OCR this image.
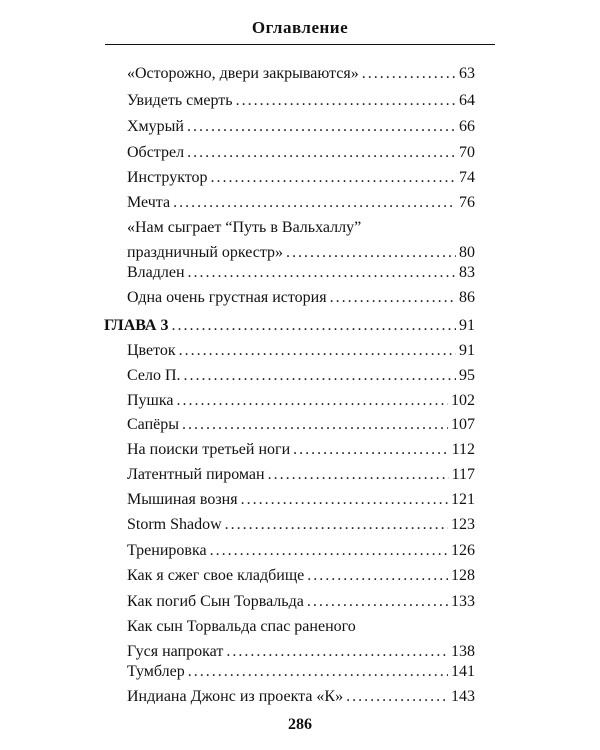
Оглавление
«Осторожно, двери закрываются» .....	63
Увидеть смерть .....	64
Хмурый .....	66
Обстрел .....	70
Инструктор .....	74
Мечта .....	76
«Нам сыграет “Путь в Вальхаллу”
праздничный оркестр» .....	80
Владлен .....	83
Одна очень грустная история .....	86
ГЛАВА 3 .....	91
Цветок .....	91
Село П. .....	95
Пушка .....	102
Сапёры .....	107
На поиски третьей ноги .....	112
Латентный пироман .....	117
Мышиная возня .....	121
Storm Shadow .....	123
Тренировка .....	126
Как я сжег свое кладбище .....	128
Как погиб Сын Торвальда .....	133
Как сын Торвальда спас раненого
Гуся напрокат .....	138
Тумблер .....	141
Индиана Джонс из проекта «К» .....	143
286
